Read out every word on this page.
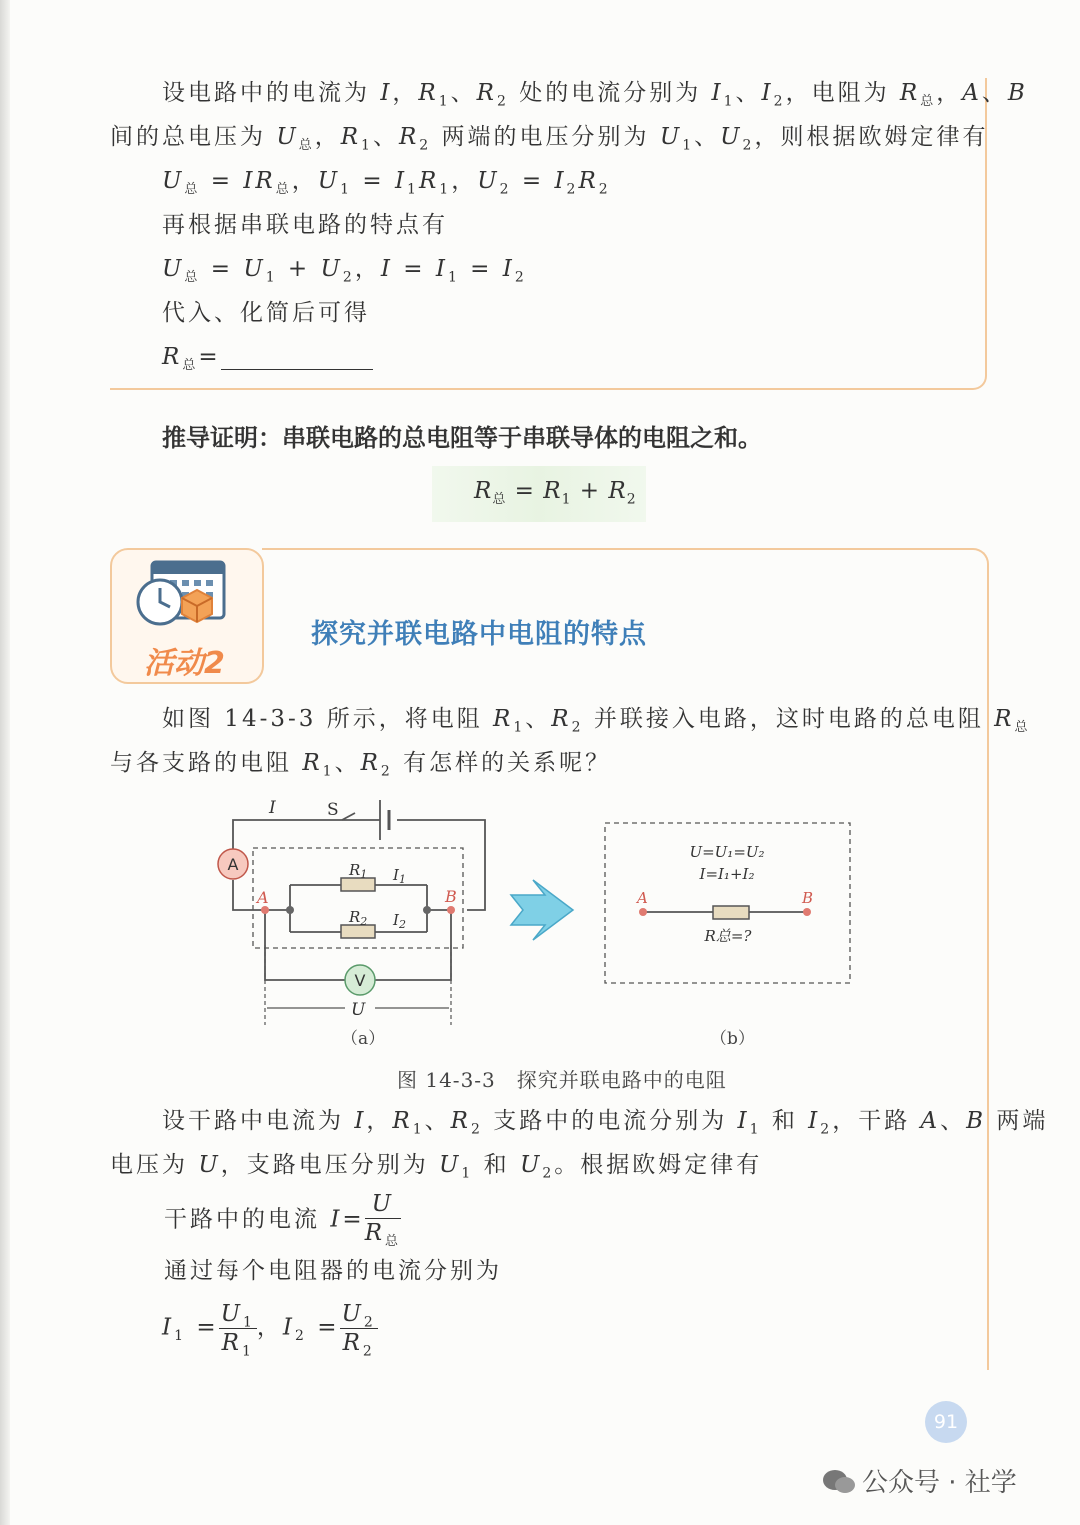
设电路中的电流为 I，$R_1$、$R_2$ 处的电流分别为 $I_1$、$I_2$，电阻为 $R_总$，A、B
间的总电压为 $U_总$，$R_1$、$R_2$ 两端的电压分别为 $U_1$、$U_2$，则根据欧姆定律有
$U_总 = IR_总$，$U_1 = I_1R_1$，$U_2 = I_2R_2$
再根据串联电路的特点有
$U_总 = U_1 + U_2$，$I = I_1 = I_2$
代入、化简后可得
$R_总=$
推导证明：串联电路的总电阻等于串联导体的电阻之和。
$R_总 = R_1 + R_2$
活动2
探究并联电路中电阻的特点
如图 14-3-3 所示，将电阻 $R_1$、$R_2$ 并联接入电路，这时电路的总电阻 $R_总$
与各支路的电阻 $R_1$、$R_2$ 有怎样的关系呢？
A
V
A	B
I	S
$R_1$ $I_1$
$R_2$ $I_2$
U
（a）
U=U₁=U₂
I=I₁+I₂
A	B
R总=?
（b）
图 14-3-3　探究并联电路中的电阻
设干路中电流为 I，$R_1$、$R_2$ 支路中的电流分别为 $I_1$ 和 $I_2$，干路 A、B 两端
电压为 U，支路电压分别为 $U_1$ 和 $U_2$。根据欧姆定律有
干路中的电流 $I= \frac{U}{R_总}$
通过每个电阻器的电流分别为
$I_1 = \frac{U_1}{R_1}$ ，$I_2 = \frac{U_2}{R_2}$
91
公众号 · 社学
